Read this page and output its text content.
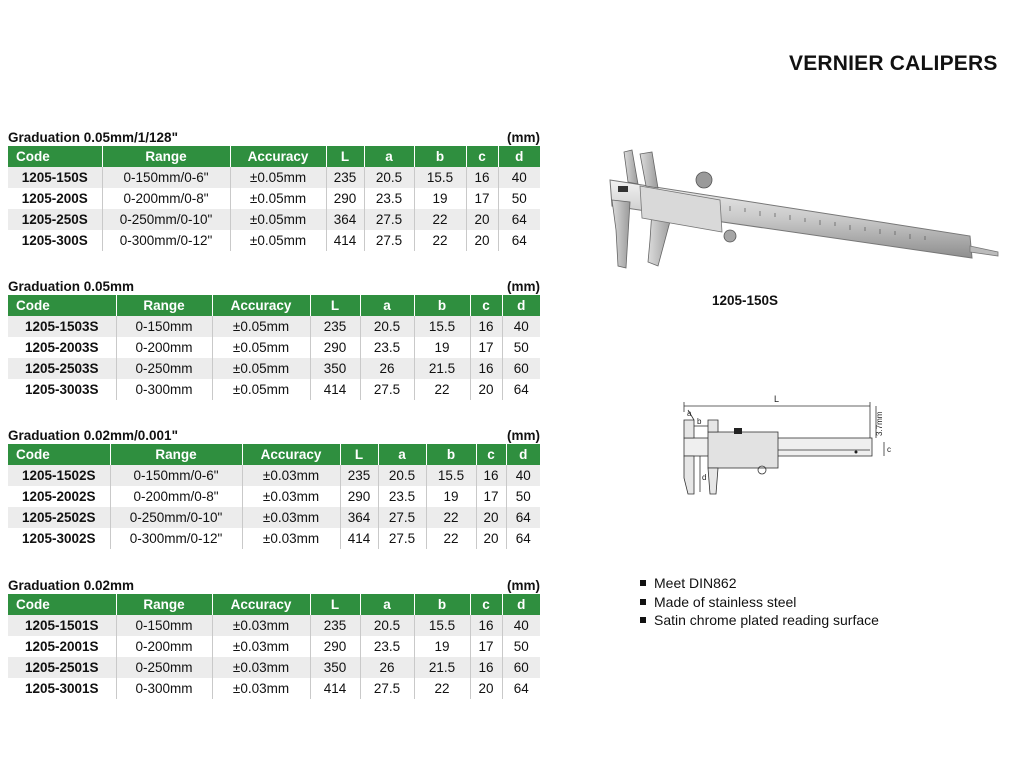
VERNIER CALIPERS
Graduation 0.05mm/1/128"	(mm)
Code	Range	Accuracy	L	a	b	c	d
1205-150S	0-150mm/0-6"	±0.05mm	235	20.5	15.5	16	40
1205-200S	0-200mm/0-8"	±0.05mm	290	23.5	19	17	50
1205-250S	0-250mm/0-10"	±0.05mm	364	27.5	22	20	64
1205-300S	0-300mm/0-12"	±0.05mm	414	27.5	22	20	64
Graduation 0.05mm	(mm)
Code	Range	Accuracy	L	a	b	c	d
1205-1503S	0-150mm	±0.05mm	235	20.5	15.5	16	40
1205-2003S	0-200mm	±0.05mm	290	23.5	19	17	50
1205-2503S	0-250mm	±0.05mm	350	26	21.5	16	60
1205-3003S	0-300mm	±0.05mm	414	27.5	22	20	64
Graduation 0.02mm/0.001"	(mm)
Code	Range	Accuracy	L	a	b	c	d
1205-1502S	0-150mm/0-6"	±0.03mm	235	20.5	15.5	16	40
1205-2002S	0-200mm/0-8"	±0.03mm	290	23.5	19	17	50
1205-2502S	0-250mm/0-10"	±0.03mm	364	27.5	22	20	64
1205-3002S	0-300mm/0-12"	±0.03mm	414	27.5	22	20	64
Graduation 0.02mm	(mm)
Code	Range	Accuracy	L	a	b	c	d
1205-1501S	0-150mm	±0.03mm	235	20.5	15.5	16	40
1205-2001S	0-200mm	±0.03mm	290	23.5	19	17	50
1205-2501S	0-250mm	±0.03mm	350	26	21.5	16	60
1205-3001S	0-300mm	±0.03mm	414	27.5	22	20	64
1205-150S
L
a
b
c
d
3.7mm
Meet DIN862
Made of stainless steel
Satin chrome plated reading surface
